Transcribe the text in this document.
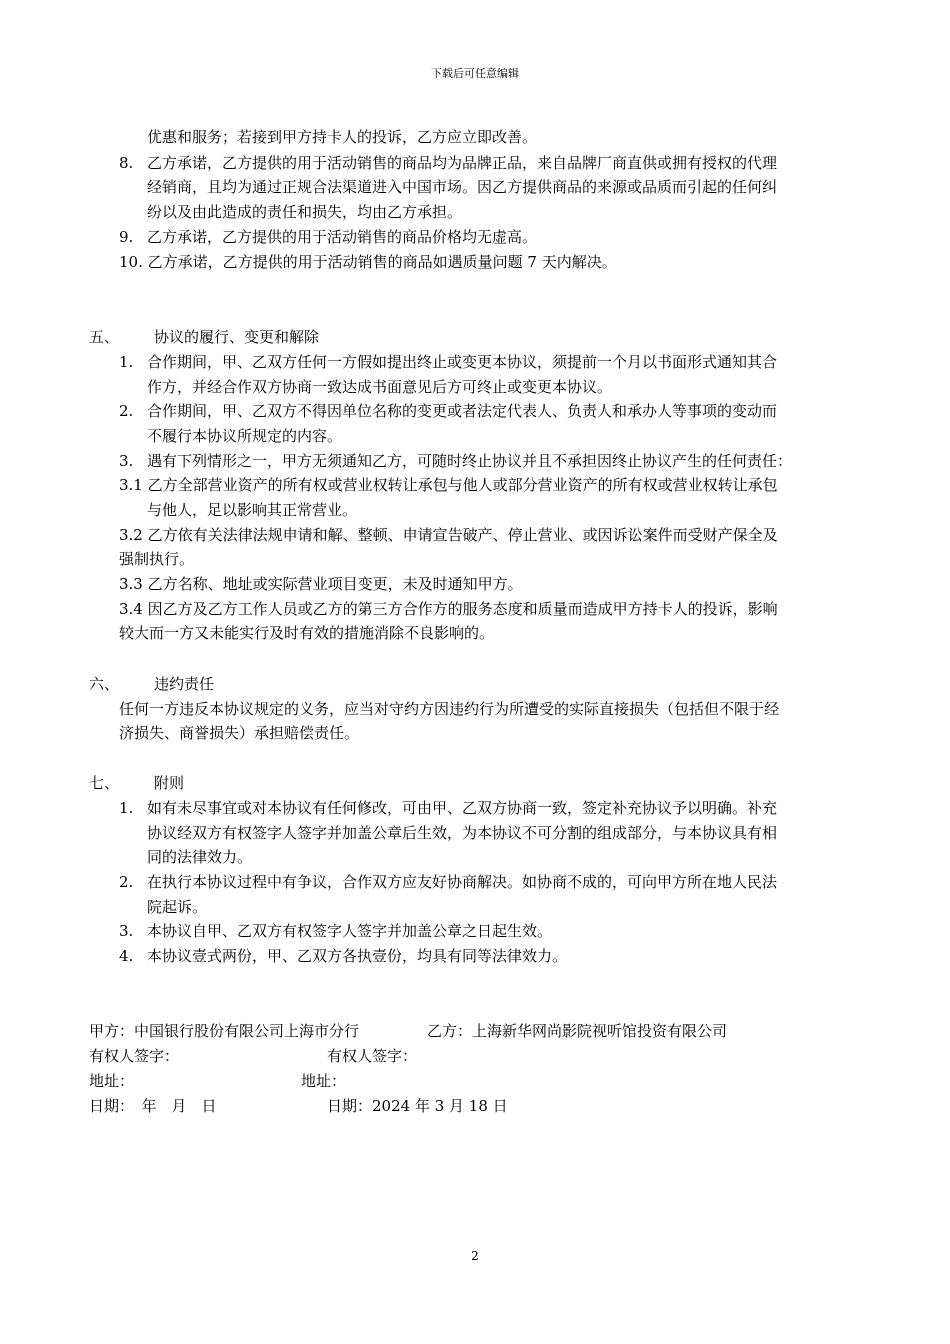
下载后可任意编辑
优惠和服务；若接到甲方持卡人的投诉，乙方应立即改善。
8. 乙方承诺，乙方提供的用于活动销售的商品均为品牌正品，来自品牌厂商直供或拥有授权的代理
经销商，且均为通过正规合法渠道进入中国市场。因乙方提供商品的来源或品质而引起的任何纠
纷以及由此造成的责任和损失，均由乙方承担。
9. 乙方承诺，乙方提供的用于活动销售的商品价格均无虚高。
10. 乙方承诺，乙方提供的用于活动销售的商品如遇质量问题 7 天内解决。
五、 协议的履行、变更和解除
1. 合作期间，甲、乙双方任何一方假如提出终止或变更本协议，须提前一个月以书面形式通知其合
作方，并经合作双方协商一致达成书面意见后方可终止或变更本协议。
2. 合作期间，甲、乙双方不得因单位名称的变更或者法定代表人、负责人和承办人等事项的变动而
不履行本协议所规定的内容。
3. 遇有下列情形之一，甲方无须通知乙方，可随时终止协议并且不承担因终止协议产生的任何责任：
3.1 乙方全部营业资产的所有权或营业权转让承包与他人或部分营业资产的所有权或营业权转让承包
与他人，足以影响其正常营业。
3.2 乙方依有关法律法规申请和解、整顿、申请宣告破产、停止营业、或因诉讼案件而受财产保全及
强制执行。
3.3 乙方名称、地址或实际营业项目变更，未及时通知甲方。
3.4 因乙方及乙方工作人员或乙方的第三方合作方的服务态度和质量而造成甲方持卡人的投诉，影响
较大而一方又未能实行及时有效的措施消除不良影响的。
六、 违约责任
任何一方违反本协议规定的义务，应当对守约方因违约行为所遭受的实际直接损失（包括但不限于经
济损失、商誉损失）承担赔偿责任。
七、 附则
1. 如有未尽事宜或对本协议有任何修改，可由甲、乙双方协商一致，签定补充协议予以明确。补充
协议经双方有权签字人签字并加盖公章后生效，为本协议不可分割的组成部分，与本协议具有相
同的法律效力。
2. 在执行本协议过程中有争议，合作双方应友好协商解决。如协商不成的，可向甲方所在地人民法
院起诉。
3. 本协议自甲、乙双方有权签字人签字并加盖公章之日起生效。
4. 本协议壹式两份，甲、乙双方各执壹份，均具有同等法律效力。
甲方：中国银行股份有限公司上海市分行	乙方：上海新华网尚影院视听馆投资有限公司
有权人签字：	有权人签字：
地址：	地址：
日期：　年　月　日	日期：2024 年 3 月 18 日
2
